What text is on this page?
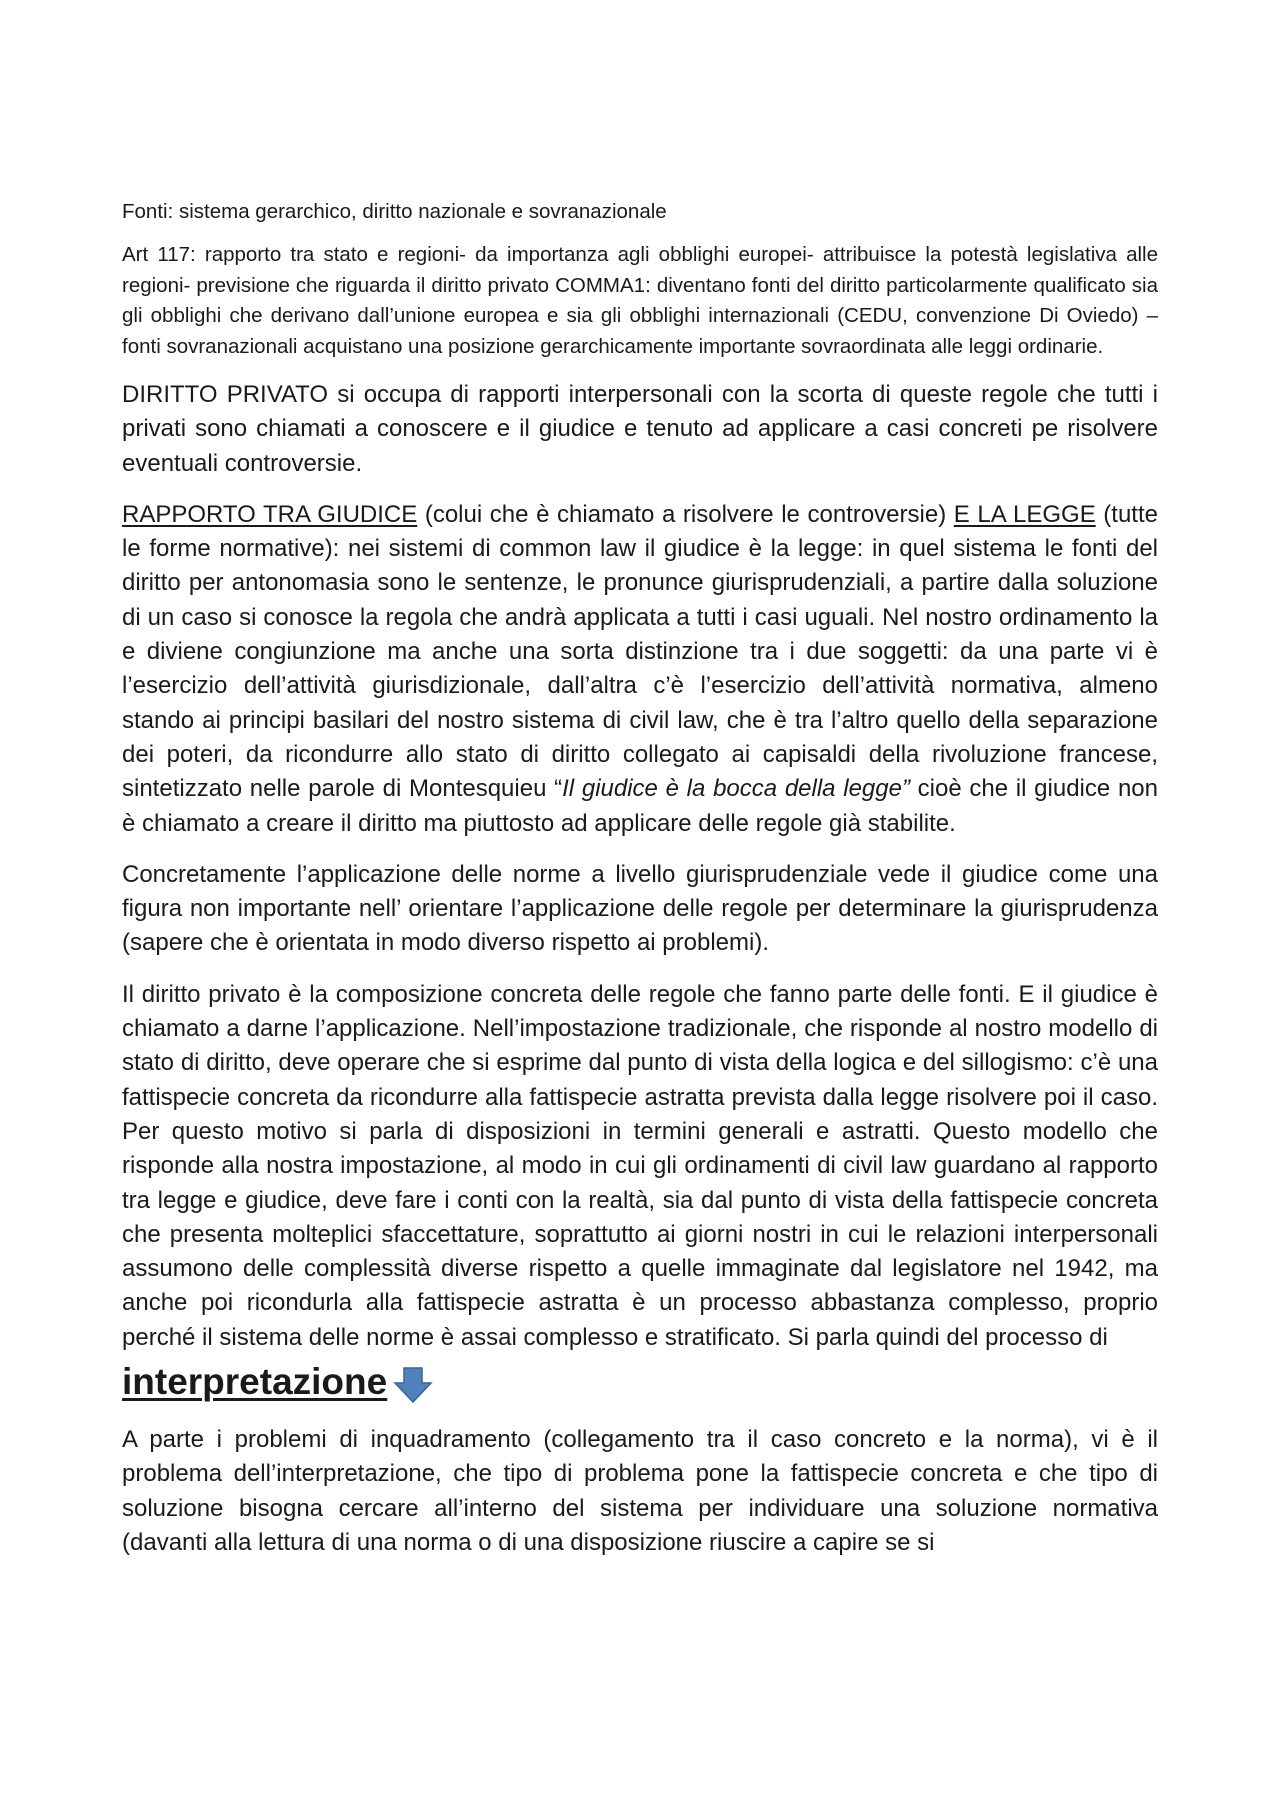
Fonti: sistema gerarchico, diritto nazionale e sovranazionale

Art 117: rapporto tra stato e regioni- da importanza agli obblighi europei- attribuisce la potestà legislativa alle regioni- previsione che riguarda il diritto privato COMMA1: diventano fonti del diritto particolarmente qualificato sia gli obblighi che derivano dall’unione europea e sia gli obblighi internazionali (CEDU, convenzione Di Oviedo) – fonti sovranazionali acquistano una posizione gerarchicamente importante sovraordinata alle leggi ordinarie.

DIRITTO PRIVATO si occupa di rapporti interpersonali con la scorta di queste regole che tutti i privati sono chiamati a conoscere e il giudice e tenuto ad applicare a casi concreti pe risolvere eventuali controversie.

RAPPORTO TRA GIUDICE (colui che è chiamato a risolvere le controversie) E LA LEGGE (tutte le forme normative): nei sistemi di common law il giudice è la legge: in quel sistema le fonti del diritto per antonomasia sono le sentenze, le pronunce giurisprudenziali, a partire dalla soluzione di un caso si conosce la regola che andrà applicata a tutti i casi uguali. Nel nostro ordinamento la e diviene congiunzione ma anche una sorta distinzione tra i due soggetti: da una parte vi è l’esercizio dell’attività giurisdizionale, dall’altra c’è l’esercizio dell’attività normativa, almeno stando ai principi basilari del nostro sistema di civil law, che è tra l’altro quello della separazione dei poteri, da ricondurre allo stato di diritto collegato ai capisaldi della rivoluzione francese, sintetizzato nelle parole di Montesquieu “Il giudice è la bocca della legge” cioè che il giudice non è chiamato a creare il diritto ma piuttosto ad applicare delle regole già stabilite.

Concretamente l’applicazione delle norme a livello giurisprudenziale vede il giudice come una figura non importante nell’ orientare l’applicazione delle regole per determinare la giurisprudenza (sapere che è orientata in modo diverso rispetto ai problemi).

Il diritto privato è la composizione concreta delle regole che fanno parte delle fonti. E il giudice è chiamato a darne l’applicazione. Nell’impostazione tradizionale, che risponde al nostro modello di stato di diritto, deve operare che si esprime dal punto di vista della logica e del sillogismo: c’è una fattispecie concreta da ricondurre alla fattispecie astratta prevista dalla legge risolvere poi il caso. Per questo motivo si parla di disposizioni in termini generali e astratti. Questo modello che risponde alla nostra impostazione, al modo in cui gli ordinamenti di civil law guardano al rapporto tra legge e giudice, deve fare i conti con la realtà, sia dal punto di vista della fattispecie concreta che presenta molteplici sfaccettature, soprattutto ai giorni nostri in cui le relazioni interpersonali assumono delle complessità diverse rispetto a quelle immaginate dal legislatore nel 1942, ma anche poi ricondurla alla fattispecie astratta è un processo abbastanza complesso, proprio perché il sistema delle norme è assai complesso e stratificato. Si parla quindi del processo di

interpretazione

A parte i problemi di inquadramento (collegamento tra il caso concreto e la norma), vi è il problema dell’interpretazione, che tipo di problema pone la fattispecie concreta e che tipo di soluzione bisogna cercare all’interno del sistema per individuare una soluzione normativa (davanti alla lettura di una norma o di una disposizione riuscire a capire se si
